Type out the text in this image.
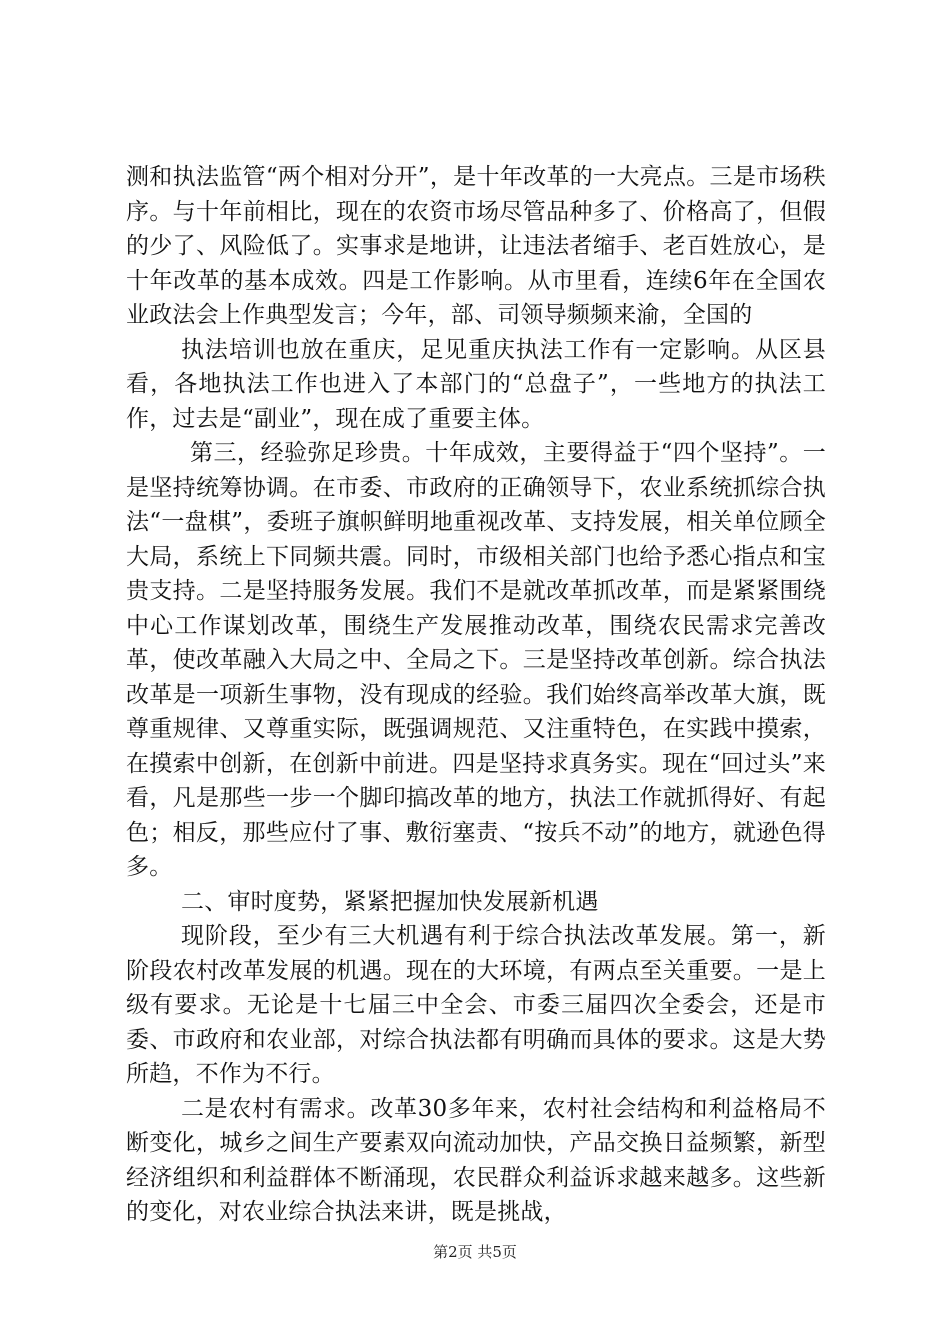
测和执法监管“两个相对分开”，是十年改革的一大亮点。三是市场秩序。与十年前相比，现在的农资市场尽管品种多了、价格高了，但假的少了、风险低了。实事求是地讲，让违法者缩手、老百姓放心，是十年改革的基本成效。四是工作影响。从市里看，连续6年在全国农业政法会上作典型发言；今年，部、司领导频频来渝，全国的

执法培训也放在重庆，足见重庆执法工作有一定影响。从区县看，各地执法工作也进入了本部门的“总盘子”，一些地方的执法工作，过去是“副业”，现在成了重要主体。

第三，经验弥足珍贵。十年成效，主要得益于“四个坚持”。一是坚持统筹协调。在市委、市政府的正确领导下，农业系统抓综合执法“一盘棋”，委班子旗帜鲜明地重视改革、支持发展，相关单位顾全大局，系统上下同频共震。同时，市级相关部门也给予悉心指点和宝贵支持。二是坚持服务发展。我们不是就改革抓改革，而是紧紧围绕中心工作谋划改革，围绕生产发展推动改革，围绕农民需求完善改革，使改革融入大局之中、全局之下。三是坚持改革创新。综合执法改革是一项新生事物，没有现成的经验。我们始终高举改革大旗，既尊重规律、又尊重实际，既强调规范、又注重特色，在实践中摸索，在摸索中创新，在创新中前进。四是坚持求真务实。现在“回过头”来看，凡是那些一步一个脚印搞改革的地方，执法工作就抓得好、有起色；相反，那些应付了事、敷衍塞责、“按兵不动”的地方，就逊色得多。

二、审时度势，紧紧把握加快发展新机遇

现阶段，至少有三大机遇有利于综合执法改革发展。第一，新阶段农村改革发展的机遇。现在的大环境，有两点至关重要。一是上级有要求。无论是十七届三中全会、市委三届四次全委会，还是市委、市政府和农业部，对综合执法都有明确而具体的要求。这是大势所趋，不作为不行。

二是农村有需求。改革30多年来，农村社会结构和利益格局不断变化，城乡之间生产要素双向流动加快，产品交换日益频繁，新型经济组织和利益群体不断涌现，农民群众利益诉求越来越多。这些新的变化，对农业综合执法来讲，既是挑战，

第2页 共5页
